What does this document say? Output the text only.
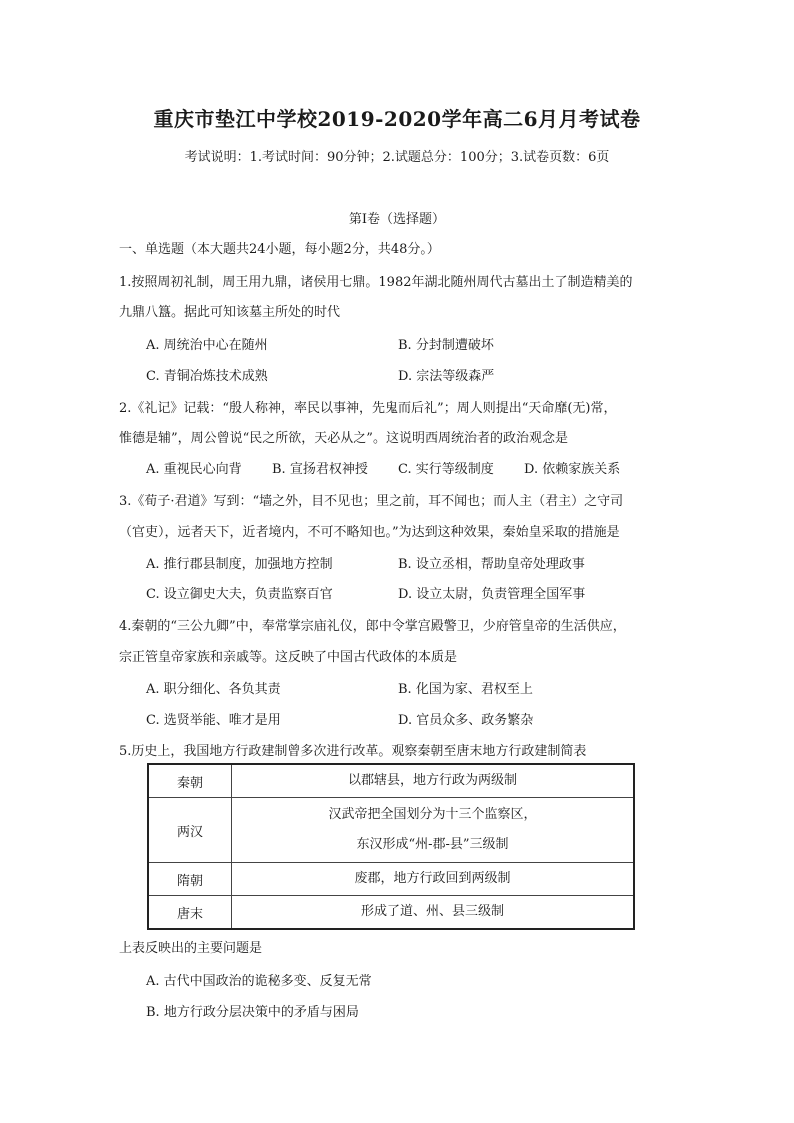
重庆市垫江中学校2019-2020学年高二6月月考试卷
考试说明：1.考试时间：90分钟；2.试题总分：100分；3.试卷页数：6页
第I卷（选择题）
一、单选题（本大题共24小题，每小题2分，共48分。）
1.按照周初礼制，周王用九鼎，诸侯用七鼎。1982年湖北随州周代古墓出土了制造精美的
九鼎八簋。据此可知该墓主所处的时代
A. 周统治中心在随州	B. 分封制遭破坏
C. 青铜冶炼技术成熟	D. 宗法等级森严
2.《礼记》记载：“殷人称神，率民以事神，先鬼而后礼”；周人则提出“天命靡(无)常，
惟德是辅”，周公曾说“民之所欲，天必从之”。这说明西周统治者的政治观念是
A. 重视民心向背 B. 宣扬君权神授 C. 实行等级制度 D. 依赖家族关系
3.《荀子·君道》写到：“墙之外，目不见也；里之前，耳不闻也；而人主（君主）之守司
（官吏），远者天下，近者境内，不可不略知也。”为达到这种效果，秦始皇采取的措施是
A. 推行郡县制度，加强地方控制	B. 设立丞相，帮助皇帝处理政事
C. 设立御史大夫，负责监察百官	D. 设立太尉，负责管理全国军事
4.秦朝的“三公九卿”中，奉常掌宗庙礼仪，郎中令掌宫殿警卫，少府管皇帝的生活供应，
宗正管皇帝家族和亲戚等。这反映了中国古代政体的本质是
A. 职分细化、各负其责	B. 化国为家、君权至上
C. 选贤举能、唯才是用	D. 官员众多、政务繁杂
5.历史上，我国地方行政建制曾多次进行改革。观察秦朝至唐末地方行政建制简表
秦朝	以郡辖县，地方行政为两级制

两汉	汉武帝把全国划分为十三个监察区，
东汉形成“州-郡-县”三级制

隋朝	废郡，地方行政回到两级制

唐末	形成了道、州、县三级制
上表反映出的主要问题是
A. 古代中国政治的诡秘多变、反复无常
B. 地方行政分层决策中的矛盾与困局
